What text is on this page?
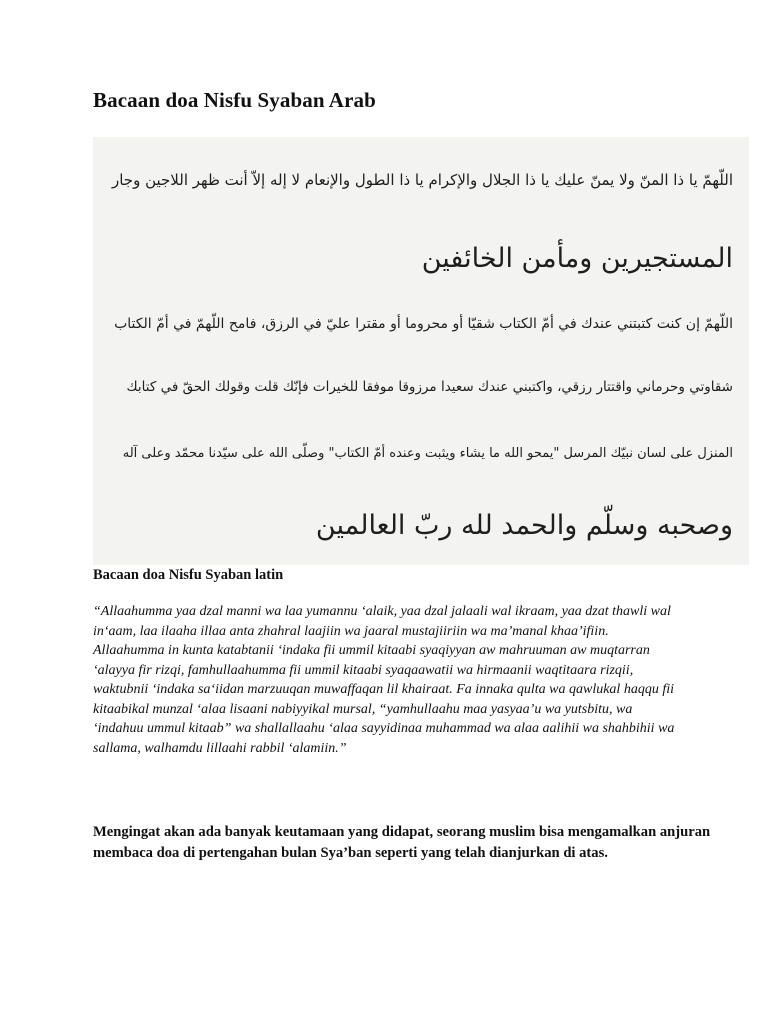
Bacaan doa Nisfu Syaban Arab

اللّهمّ يا ذا المنّ ولا يمنّ عليك يا ذا الجلال والإكرام يا ذا الطول والإنعام لا إله إلاّ أنت ظهر اللاجين وجار

المستجيرين ومأمن الخائفين

اللّهمّ إن كنت كتبتني عندك في أمّ الكتاب شقيّا أو محروما أو مقترا عليّ في الرزق، فامح اللّهمّ في أمّ الكتاب

شقاوتي وحرماني واقتتار رزقي، واكتبني عندك سعيدا مرزوقا موفقا للخيرات فإنّك قلت وقولك الحقّ في كتابك

المنزل على لسان نبيّك المرسل "يمحو الله ما يشاء ويثبت وعنده أمّ الكتاب" وصلّى الله على سيّدنا محمّد وعلى آله

وصحبه وسلّم والحمد لله ربّ العالمين

Bacaan doa Nisfu Syaban latin

“Allaahumma yaa dzal manni wa laa yumannu ‘alaik, yaa dzal jalaali wal ikraam, yaa dzat thawli wal in‘aam, laa ilaaha illaa anta zhahral laajiin wa jaaral mustajiiriin wa ma’manal khaa’ifiin. Allaahumma in kunta katabtanii ‘indaka fii ummil kitaabi syaqiyyan aw mahruuman aw muqtarran ‘alayya fir rizqi, famhullaahumma fii ummil kitaabi syaqaawatii wa hirmaanii waqtitaara rizqii, waktubnii ‘indaka sa‘iidan marzuuqan muwaffaqan lil khairaat. Fa innaka qulta wa qawlukal haqqu fii kitaabikal munzal ‘alaa lisaani nabiyyikal mursal, “yamhullaahu maa yasyaa’u wa yutsbitu, wa ‘indahuu ummul kitaab” wa shallallaahu ‘alaa sayyidinaa muhammad wa alaa aalihii wa shahbihii wa sallama, walhamdu lillaahi rabbil ‘alamiin.”

Mengingat akan ada banyak keutamaan yang didapat, seorang muslim bisa mengamalkan anjuran membaca doa di pertengahan bulan Sya’ban seperti yang telah dianjurkan di atas.
